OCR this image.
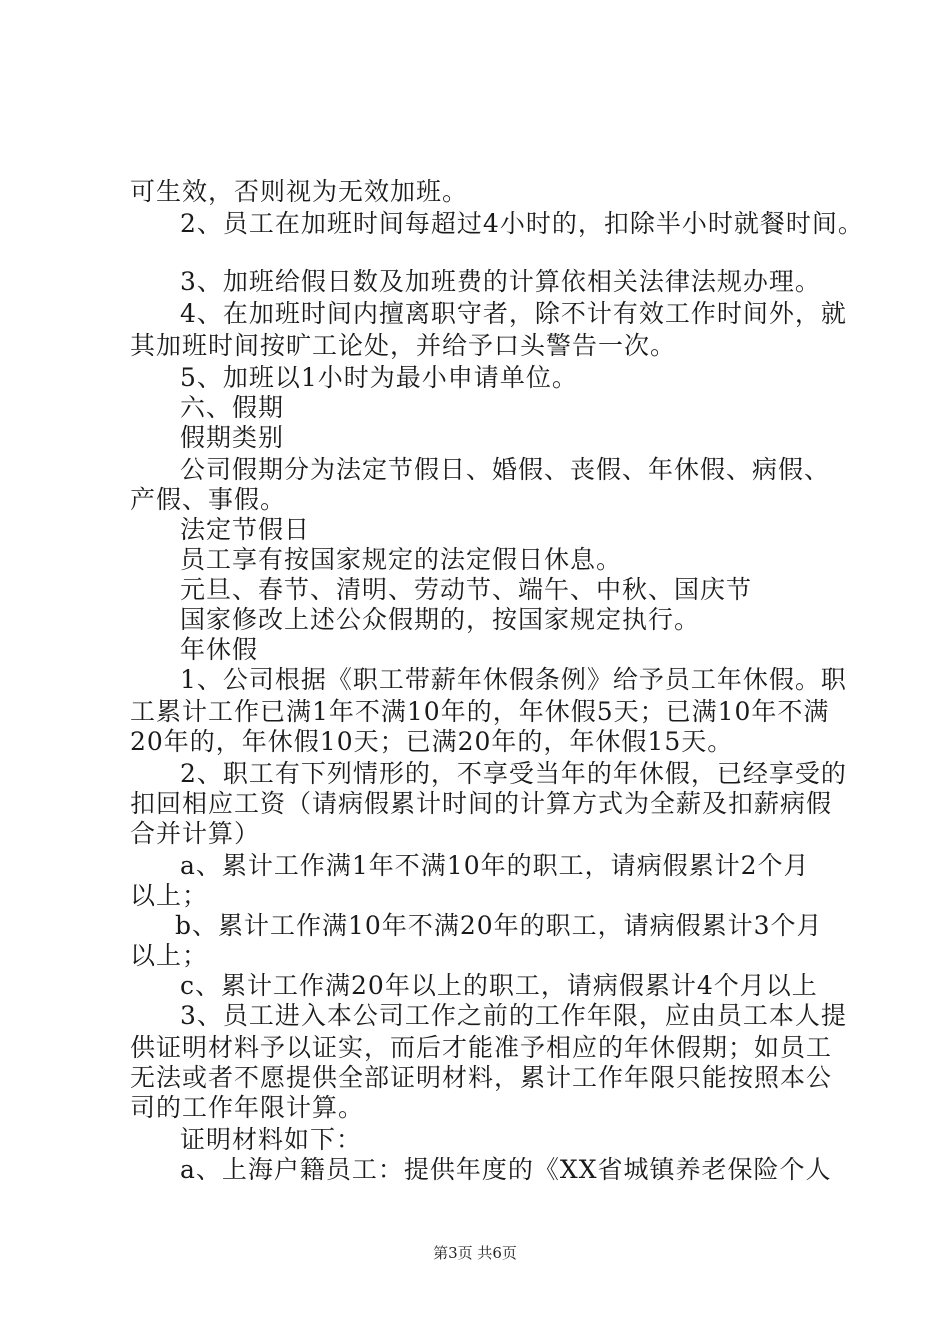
可生效，否则视为无效加班。
2、员工在加班时间每超过4小时的，扣除半小时就餐时间。
3、加班给假日数及加班费的计算依相关法律法规办理。
4、在加班时间内擅离职守者，除不计有效工作时间外，就
其加班时间按旷工论处，并给予口头警告一次。
5、加班以1小时为最小申请单位。
六、假期
假期类别
公司假期分为法定节假日、婚假、丧假、年休假、病假、
产假、事假。
法定节假日
员工享有按国家规定的法定假日休息。
元旦、春节、清明、劳动节、端午、中秋、国庆节
国家修改上述公众假期的，按国家规定执行。
年休假
1、公司根据《职工带薪年休假条例》给予员工年休假。职
工累计工作已满1年不满10年的，年休假5天；已满10年不满
20年的，年休假10天；已满20年的，年休假15天。
2、职工有下列情形的，不享受当年的年休假，已经享受的
扣回相应工资（请病假累计时间的计算方式为全薪及扣薪病假
合并计算）
a、累计工作满1年不满10年的职工，请病假累计2个月
以上；
b、累计工作满10年不满20年的职工，请病假累计3个月
以上；
c、累计工作满20年以上的职工，请病假累计4个月以上
3、员工进入本公司工作之前的工作年限，应由员工本人提
供证明材料予以证实，而后才能准予相应的年休假期；如员工
无法或者不愿提供全部证明材料，累计工作年限只能按照本公
司的工作年限计算。
证明材料如下：
a、上海户籍员工：提供年度的《XX省城镇养老保险个人
第3页 共6页
